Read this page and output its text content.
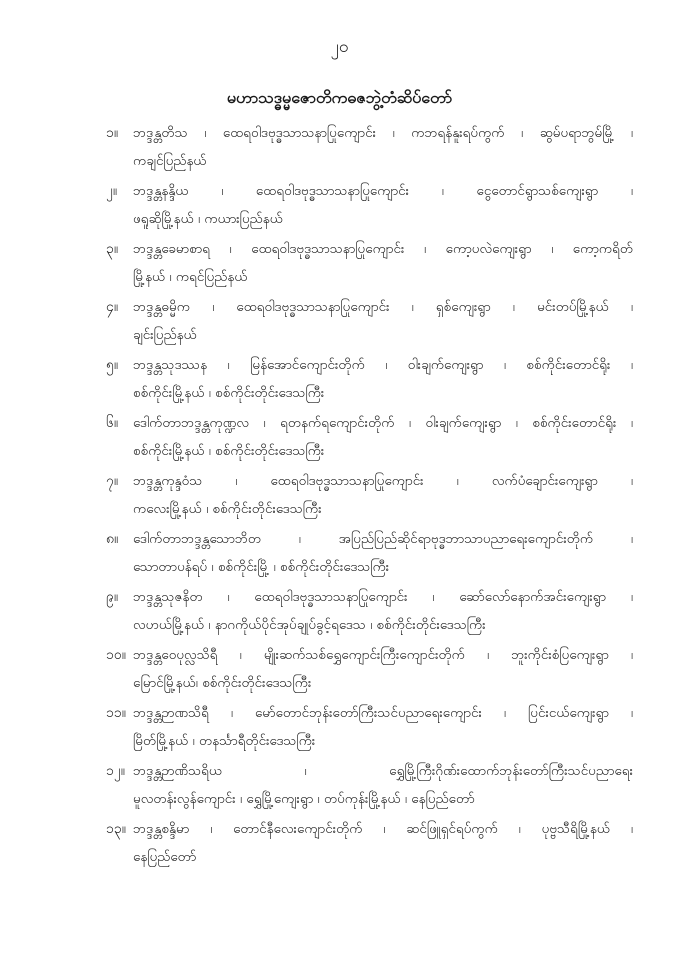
၂၀
မဟာသဒ္ဓမ္မဇောတိကဓဇဘွဲ့တံဆိပ်တော်
၁။ ဘဒ္ဒန္တတိသ ၊ ထေရဝါဒဗုဒ္ဓသာသနာပြုကျောင်း ၊ ကဘရန်နူးရပ်ကွက် ၊ ဆွမ်ပရာဘွမ်မြို့ ၊
ကချင်ပြည်နယ်
၂။ ဘဒ္ဒန္တနန္ဒိယ ၊ ထေရဝါဒဗုဒ္ဓသာသနာပြုကျောင်း ၊ ငွေတောင်ရွာသစ်ကျေးရွာ ၊
ဖရူဆိုမြို့နယ် ၊ ကယားပြည်နယ်
၃။ ဘဒ္ဒန္တခေမာစာရ ၊ ထေရဝါဒဗုဒ္ဓသာသနာပြုကျောင်း ၊ ကော့ပလဲကျေးရွာ ၊ ကော့ကရိတ်
မြို့နယ် ၊ ကရင်ပြည်နယ်
၄။ ဘဒ္ဒန္တဓမ္မိက ၊ ထေရဝါဒဗုဒ္ဓသာသနာပြုကျောင်း ၊ ရှစ်ကျေးရွာ ၊ မင်းတပ်မြို့နယ် ၊
ချင်းပြည်နယ်
၅။ ဘဒ္ဒန္တသုဒဿန ၊ မြန်အောင်ကျောင်းတိုက် ၊ ဝါးချက်ကျေးရွာ ၊ စစ်ကိုင်းတောင်ရိုး ၊
စစ်ကိုင်းမြို့နယ် ၊ စစ်ကိုင်းတိုင်းဒေသကြီး
၆။ ဒေါက်တာဘဒ္ဒန္တကုဏ္ဍလ ၊ ရတနက်ရကျောင်းတိုက် ၊ ဝါးချက်ကျေးရွာ ၊ စစ်ကိုင်းတောင်ရိုး ၊
စစ်ကိုင်းမြို့နယ် ၊ စစ်ကိုင်းတိုင်းဒေသကြီး
၇။ ဘဒ္ဒန္တကုန္ဒဝံသ ၊ ထေရဝါဒဗုဒ္ဓသာသနာပြုကျောင်း ၊ လက်ပံချောင်းကျေးရွာ ၊
ကလေးမြို့နယ် ၊ စစ်ကိုင်းတိုင်းဒေသကြီး
၈။ ဒေါက်တာဘဒ္ဒန္တသောဘိတ ၊ အပြည်ပြည်ဆိုင်ရာဗုဒ္ဓဘာသာပညာရေးကျောင်းတိုက် ၊
သောတာပန်ရပ် ၊ စစ်ကိုင်းမြို့ ၊ စစ်ကိုင်းတိုင်းဒေသကြီး
၉။ ဘဒ္ဒန္တသုဇနိတ ၊ ထေရဝါဒဗုဒ္ဓသာသနာပြုကျောင်း ၊ ဆော်လော်နောက်အင်းကျေးရွာ ၊
လဟယ်မြို့နယ် ၊ နာဂကိုယ်ပိုင်အုပ်ချုပ်ခွင့်ရဒေသ ၊ စစ်ကိုင်းတိုင်းဒေသကြီး
၁၀။ ဘဒ္ဒန္တဝေပုလ္လသိရီ ၊ မျိုးဆက်သစ်ရွှေကျောင်းကြီးကျောင်းတိုက် ၊ ဘူးကိုင်းစံပြကျေးရွာ ၊
မြောင်မြို့နယ်၊ စစ်ကိုင်းတိုင်းဒေသကြီး
၁၁။ ဘဒ္ဒန္တဉာဏသိရီ ၊ မော်တောင်ဘုန်းတော်ကြီးသင်ပညာရေးကျောင်း ၊ ပြင်းငယ်ကျေးရွာ ၊
မြိတ်မြို့နယ် ၊ တနင်္သာရီတိုင်းဒေသကြီး
၁၂။ ဘဒ္ဒန္တဉာဏိသရိယ ၊ ရွှေမြို့ကြီးဂိုဏ်းထောက်ဘုန်းတော်ကြီးသင်ပညာရေး
မူလတန်းလွန်ကျောင်း ၊ ရွှေမြို့ကျေးရွာ ၊ တပ်ကုန်းမြို့နယ် ၊ နေပြည်တော်
၁၃။ ဘဒ္ဒန္တစန္ဒိမာ ၊ တောင်နီလေးကျောင်းတိုက် ၊ ဆင်ဖြူရှင်ရပ်ကွက် ၊ ပုဗ္ဗသီရိမြို့နယ် ၊
နေပြည်တော်
